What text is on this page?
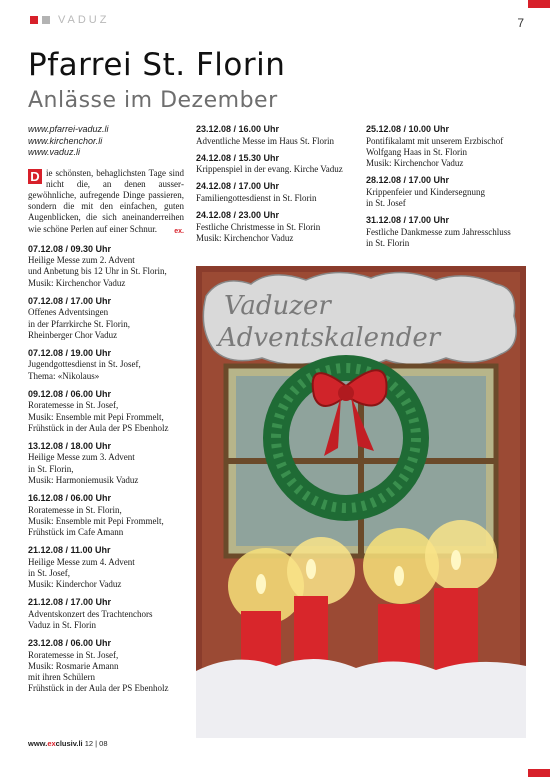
VADUZ	7
Pfarrei St. Florin
Anlässe im Dezember
www.pfarrei-vaduz.li
www.kirchenchor.li
www.vaduz.li
D ie schönsten, behaglichsten Tage sind nicht die, an denen aussergewöhnliche, aufregende Dinge passieren, sondern die mit den einfachen, guten Augenblicken, die sich aneinanderreihen wie schöne Perlen auf einer Schnur. ex.
07.12.08 / 09.30 Uhr
Heilige Messe zum 2. Advent
und Anbetung bis 12 Uhr in St. Florin,
Musik: Kirchenchor Vaduz
07.12.08 / 17.00 Uhr
Offenes Adventsingen
in der Pfarrkirche St. Florin,
Rheinberger Chor Vaduz
07.12.08 / 19.00 Uhr
Jugendgottesdienst in St. Josef,
Thema: «Nikolaus»
09.12.08 / 06.00 Uhr
Roratemesse in St. Josef,
Musik: Ensemble mit Pepi Frommelt,
Frühstück in der Aula der PS Ebenholz
13.12.08 / 18.00 Uhr
Heilige Messe zum 3. Advent
in St. Florin,
Musik: Harmoniemusik Vaduz
16.12.08 / 06.00 Uhr
Roratemesse in St. Florin,
Musik: Ensemble mit Pepi Frommelt,
Frühstück im Cafe Amann
21.12.08 / 11.00 Uhr
Heilige Messe zum 4. Advent
in St. Josef,
Musik: Kinderchor Vaduz
21.12.08 / 17.00 Uhr
Adventskonzert des Trachtenchors
Vaduz in St. Florin
23.12.08 / 06.00 Uhr
Roratemesse in St. Josef,
Musik: Rosmarie Amann
mit ihren Schülern
Frühstück in der Aula der PS Ebenholz
23.12.08 / 16.00 Uhr
Adventliche Messe im Haus St. Florin
24.12.08 / 15.30 Uhr
Krippenspiel in der evang. Kirche Vaduz
24.12.08 / 17.00 Uhr
Familiengottesdienst in St. Florin
24.12.08 / 23.00 Uhr
Festliche Christmesse in St. Florin
Musik: Kirchenchor Vaduz
25.12.08 / 10.00 Uhr
Pontifikalamt mit unserem Erzbischof
Wolfgang Haas in St. Florin
Musik: Kirchenchor Vaduz
28.12.08 / 17.00 Uhr
Krippenfeier und Kindersegnung
in St. Josef
31.12.08 / 17.00 Uhr
Festliche Dankmesse zum Jahresschluss
in St. Florin
Vaduzer
Adventskalender
www.exclusiv.li 12 | 08
